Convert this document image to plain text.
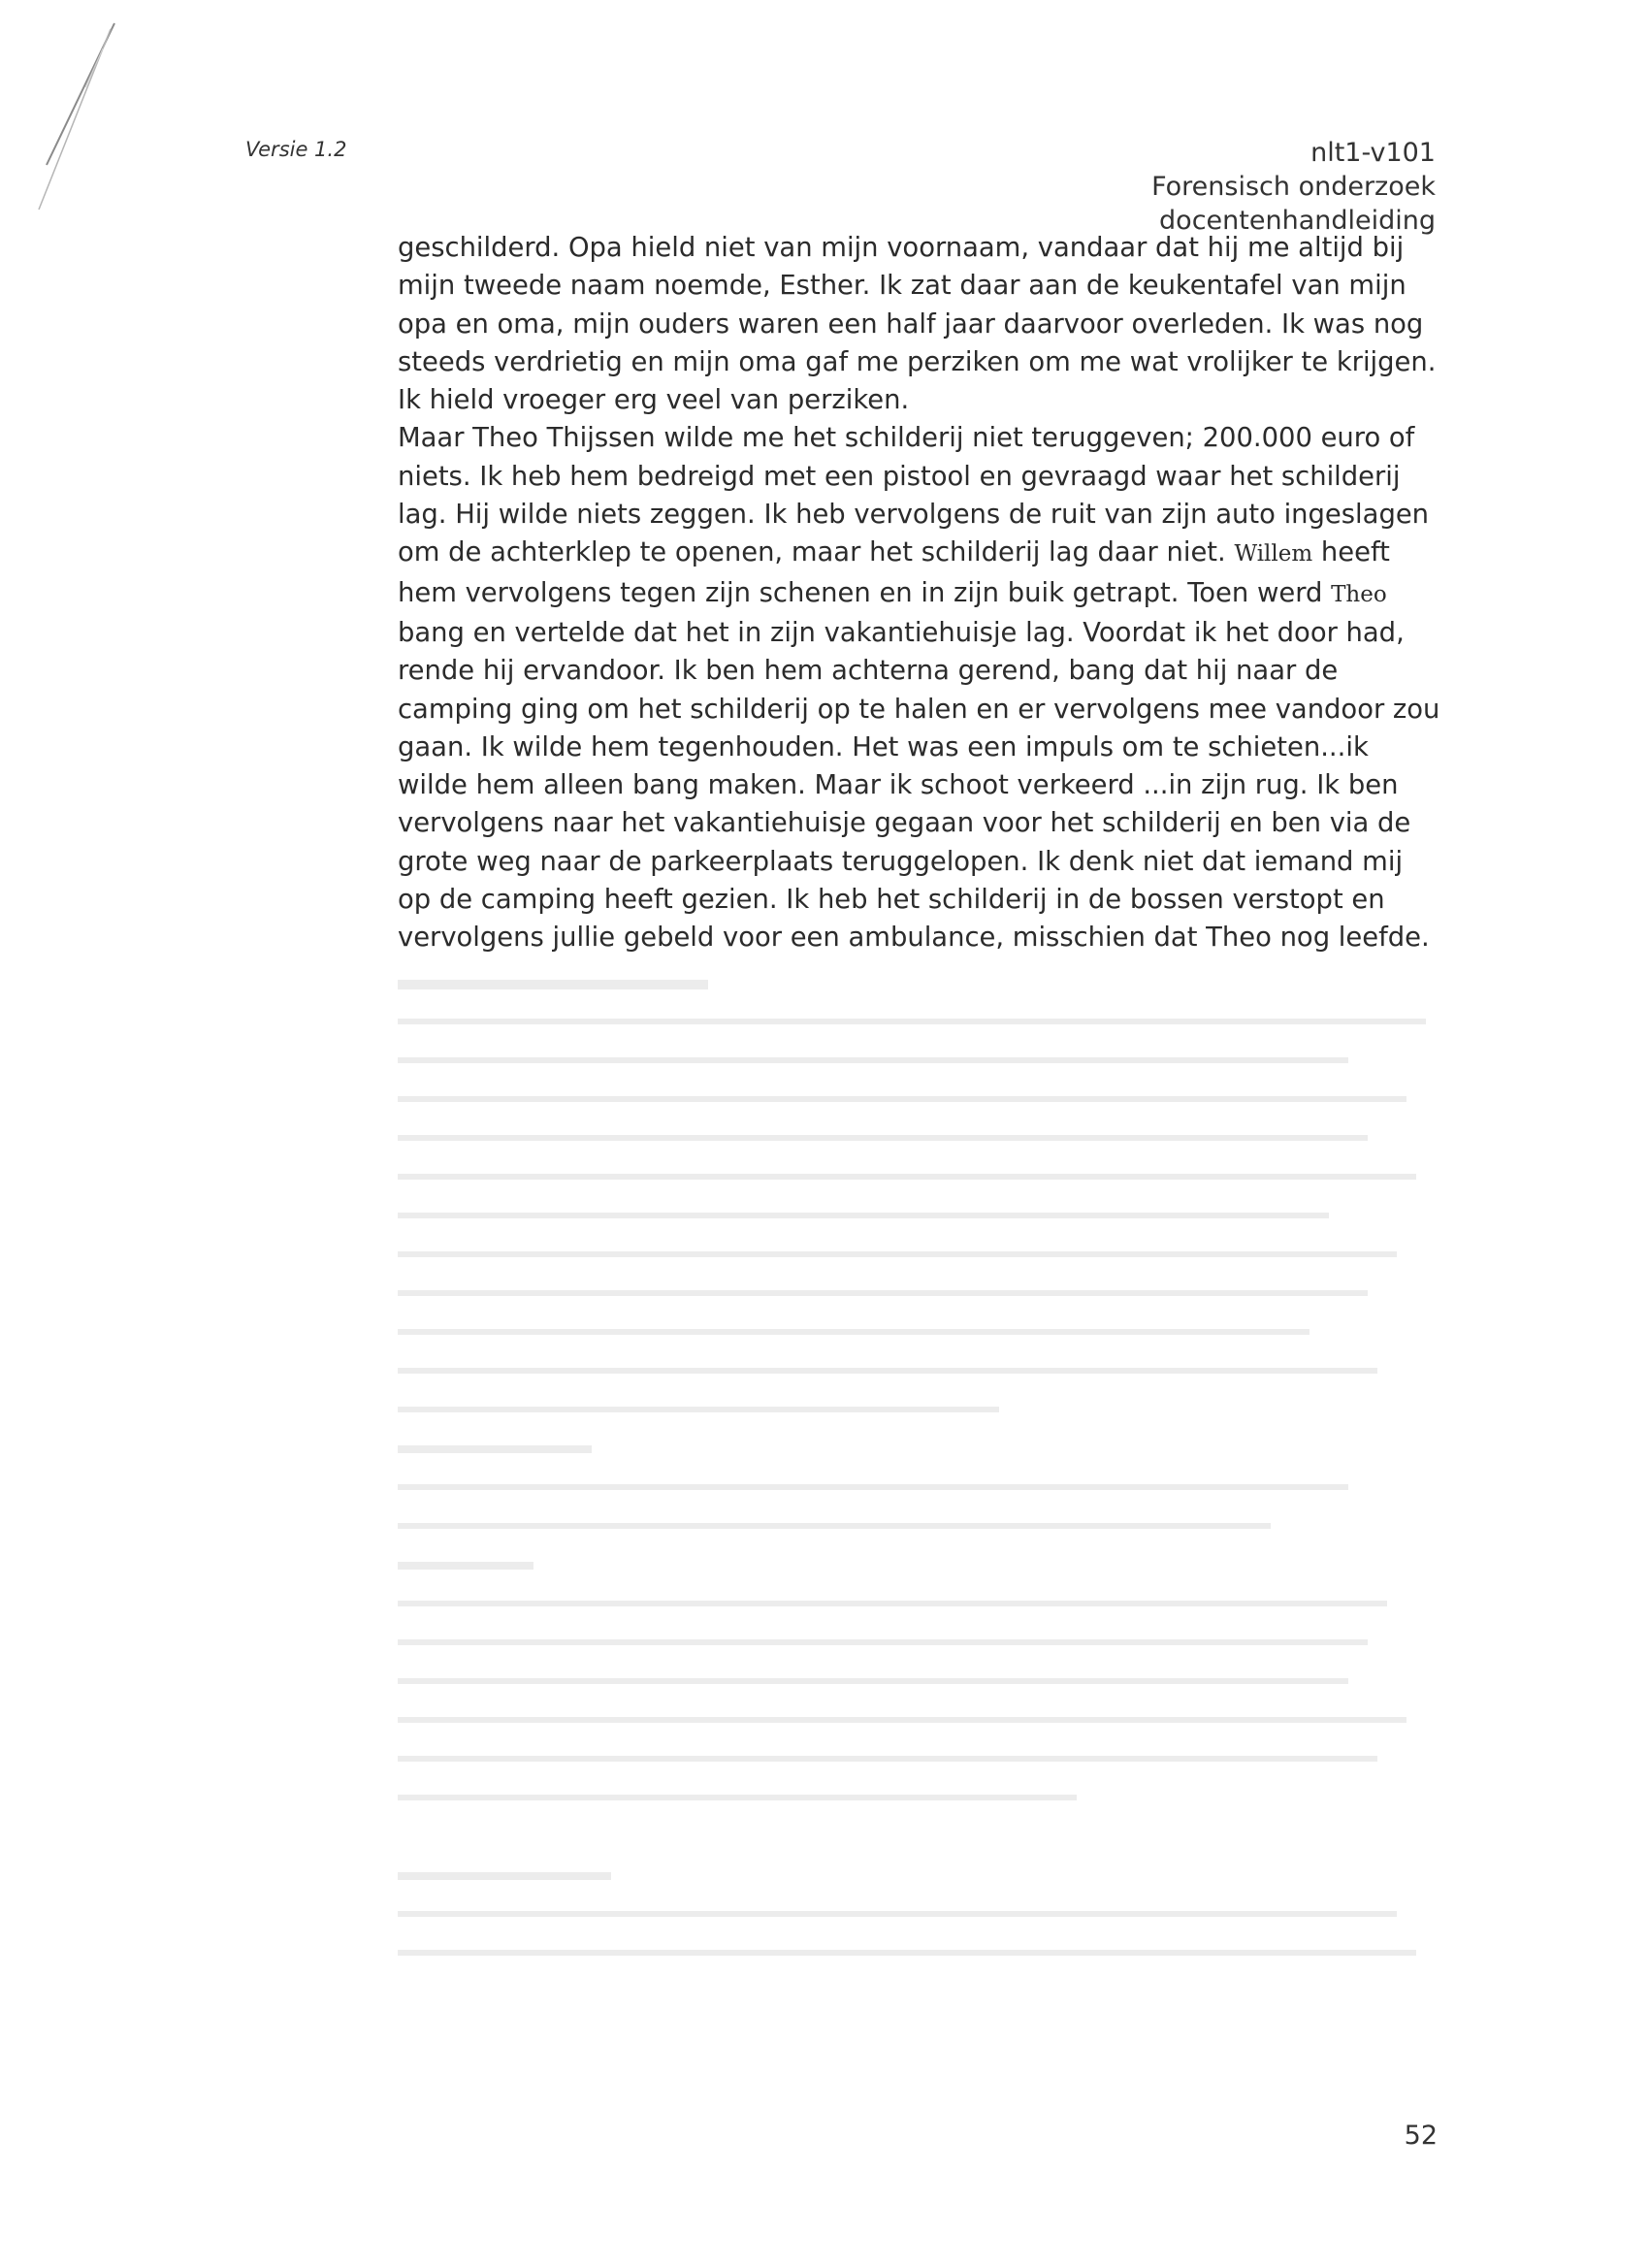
Versie 1.2	nlt1-v101
Forensisch onderzoek
docentenhandleiding

geschilderd. Opa hield niet van mijn voornaam, vandaar dat hij me altijd bij mijn tweede naam noemde, Esther. Ik zat daar aan de keukentafel van mijn opa en oma, mijn ouders waren een half jaar daarvoor overleden. Ik was nog steeds verdrietig en mijn oma gaf me perziken om me wat vrolijker te krijgen. Ik hield vroeger erg veel van perziken.

Maar Theo Thijssen wilde me het schilderij niet teruggeven; 200.000 euro of niets. Ik heb hem bedreigd met een pistool en gevraagd waar het schilderij lag. Hij wilde niets zeggen. Ik heb vervolgens de ruit van zijn auto ingeslagen om de achterklep te openen, maar het schilderij lag daar niet. Willem heeft hem vervolgens tegen zijn schenen en in zijn buik getrapt. Toen werd Theo bang en vertelde dat het in zijn vakantiehuisje lag. Voordat ik het door had, rende hij ervandoor. Ik ben hem achterna gerend, bang dat hij naar de camping ging om het schilderij op te halen en er vervolgens mee vandoor zou gaan. Ik wilde hem tegenhouden. Het was een impuls om te schieten...ik wilde hem alleen bang maken. Maar ik schoot verkeerd ...in zijn rug. Ik ben vervolgens naar het vakantiehuisje gegaan voor het schilderij en ben via de grote weg naar de parkeerplaats teruggelopen. Ik denk niet dat iemand mij op de camping heeft gezien. Ik heb het schilderij in de bossen verstopt en vervolgens jullie gebeld voor een ambulance, misschien dat Theo nog leefde.

52
